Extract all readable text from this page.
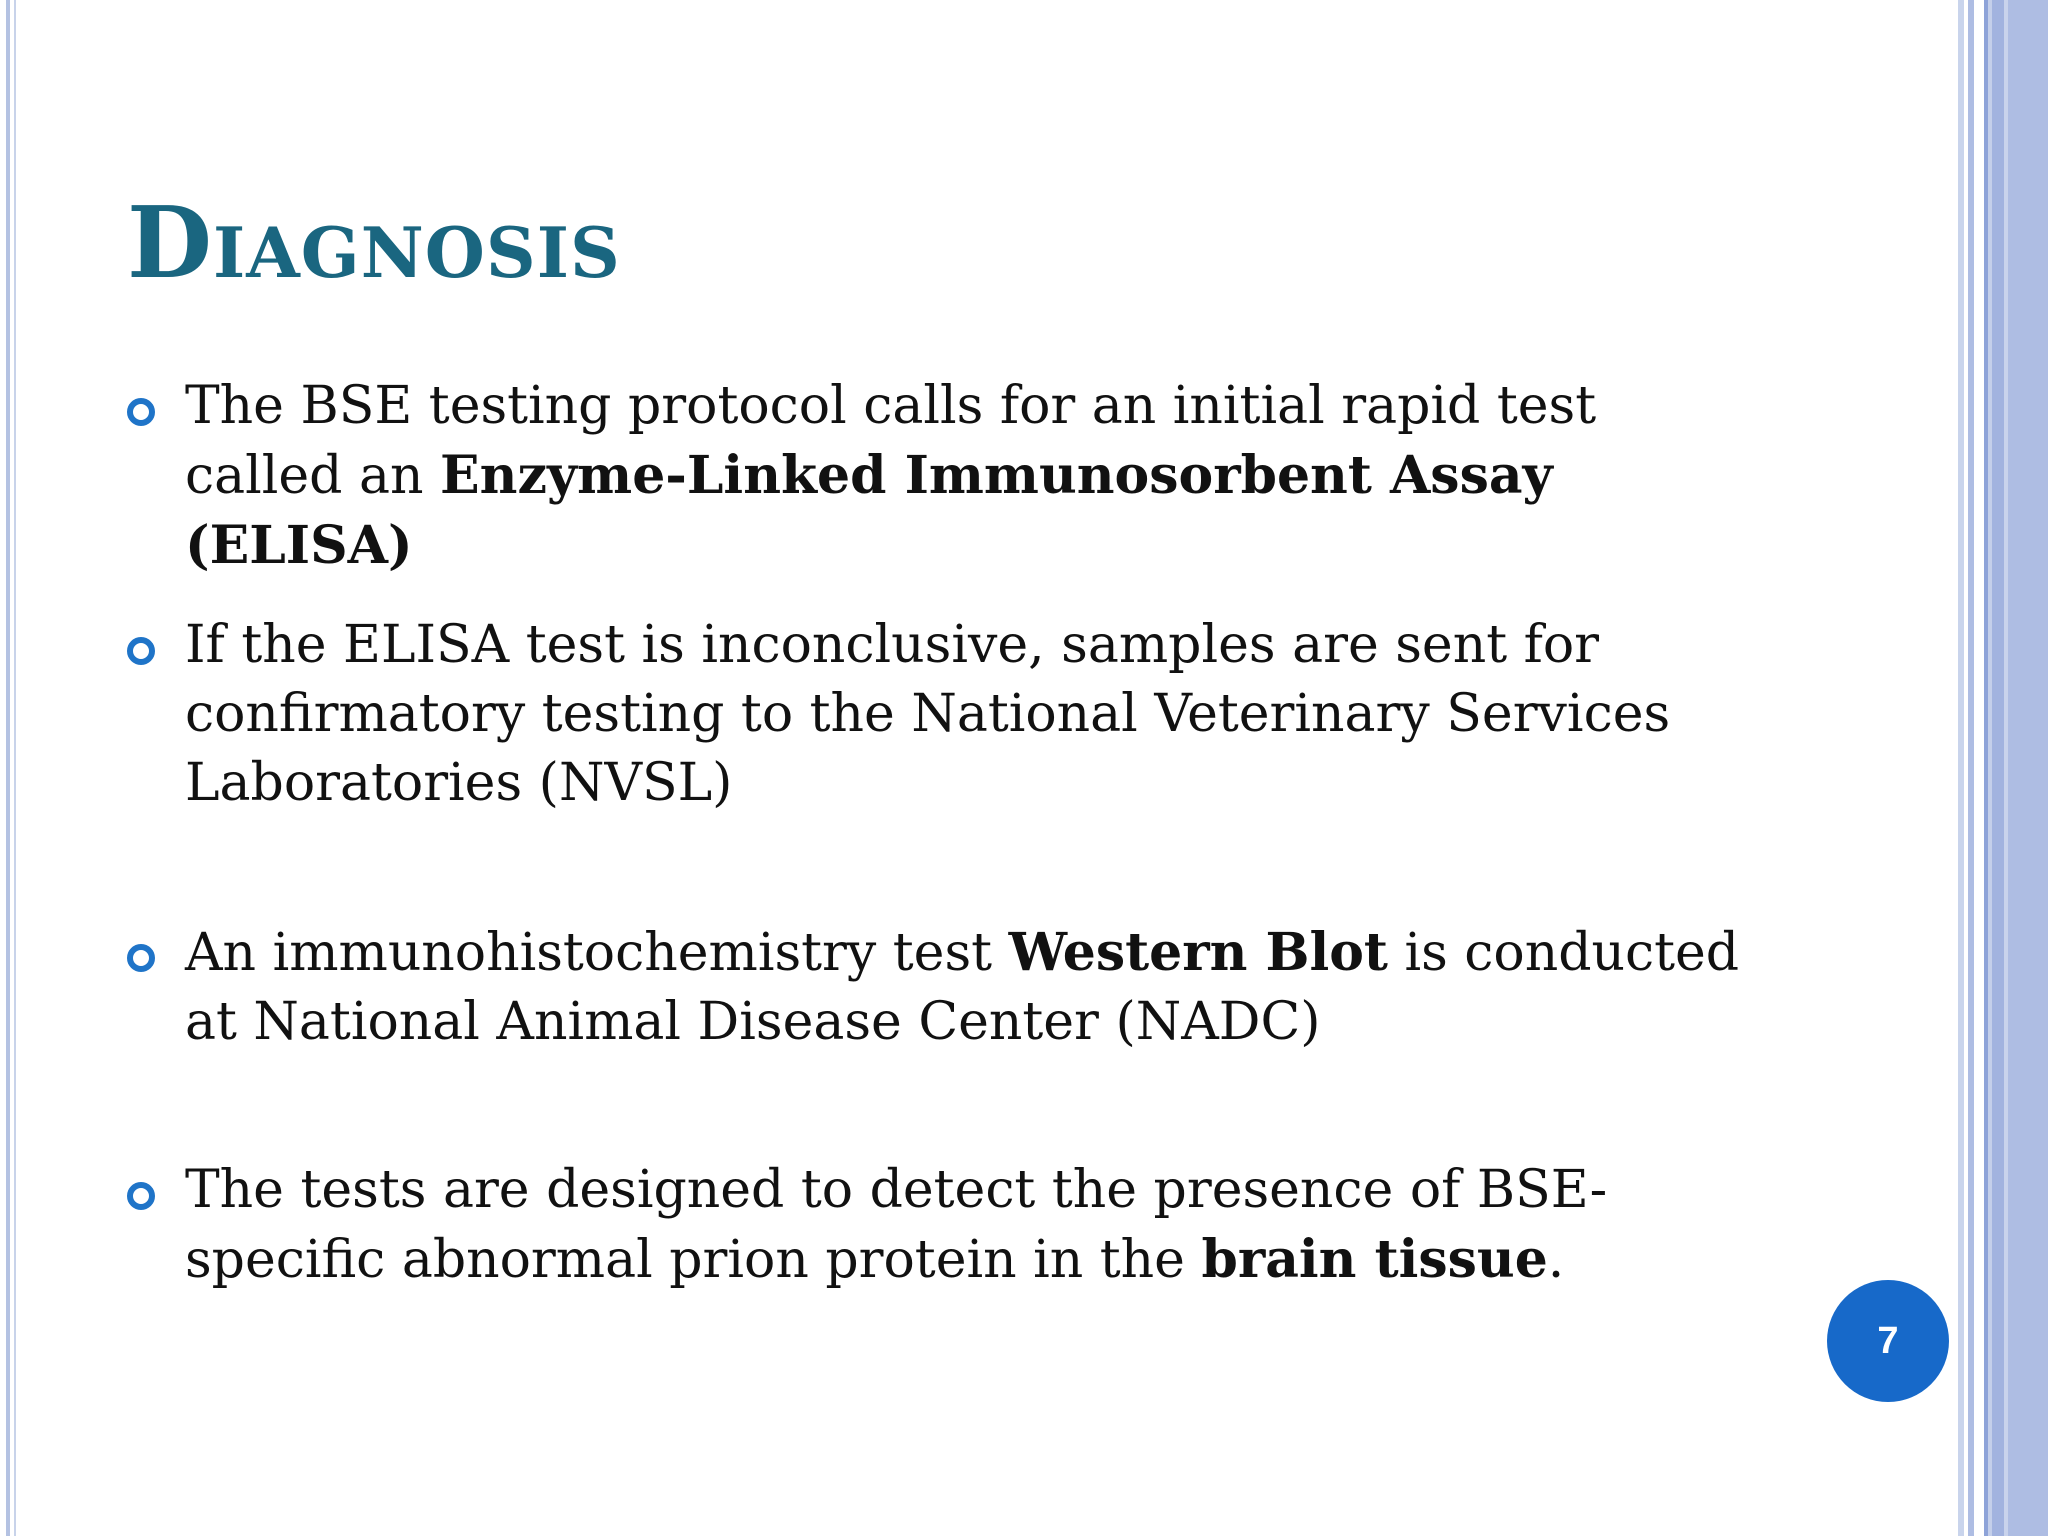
Diagnosis

The BSE testing protocol calls for an initial rapid test called an Enzyme-Linked Immunosorbent Assay (ELISA)

If the ELISA test is inconclusive, samples are sent for confirmatory testing to the National Veterinary Services Laboratories (NVSL)

An immunohistochemistry test Western Blot is conducted at National Animal Disease Center (NADC)

The tests are designed to detect the presence of BSE-specific abnormal prion protein in the brain tissue.

7
